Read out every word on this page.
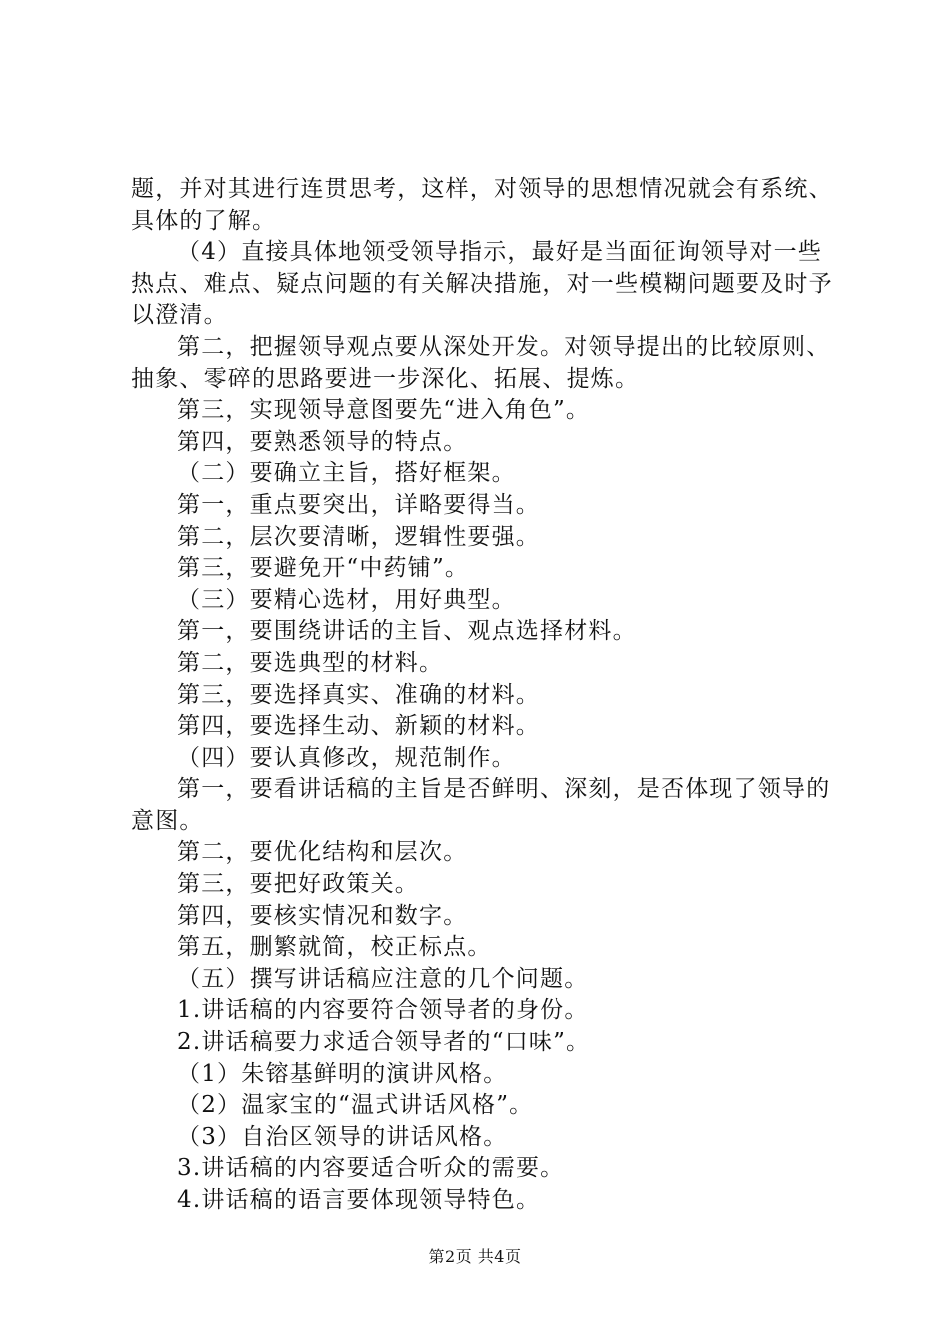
题，并对其进行连贯思考，这样，对领导的思想情况就会有系统、具体的了解。

（4）直接具体地领受领导指示，最好是当面征询领导对一些热点、难点、疑点问题的有关解决措施，对一些模糊问题要及时予以澄清。

第二，把握领导观点要从深处开发。对领导提出的比较原则、抽象、零碎的思路要进一步深化、拓展、提炼。

第三，实现领导意图要先“进入角色”。

第四，要熟悉领导的特点。

（二）要确立主旨，搭好框架。

第一，重点要突出，详略要得当。

第二，层次要清晰，逻辑性要强。

第三，要避免开“中药铺”。

（三）要精心选材，用好典型。

第一，要围绕讲话的主旨、观点选择材料。

第二，要选典型的材料。

第三，要选择真实、准确的材料。

第四，要选择生动、新颖的材料。

（四）要认真修改，规范制作。

第一，要看讲话稿的主旨是否鲜明、深刻，是否体现了领导的意图。

第二，要优化结构和层次。

第三，要把好政策关。

第四，要核实情况和数字。

第五，删繁就简，校正标点。

（五）撰写讲话稿应注意的几个问题。

1.讲话稿的内容要符合领导者的身份。

2.讲话稿要力求适合领导者的“口味”。

（1）朱镕基鲜明的演讲风格。

（2）温家宝的“温式讲话风格”。

（3）自治区领导的讲话风格。

3.讲话稿的内容要适合听众的需要。

4.讲话稿的语言要体现领导特色。

第2页 共4页
